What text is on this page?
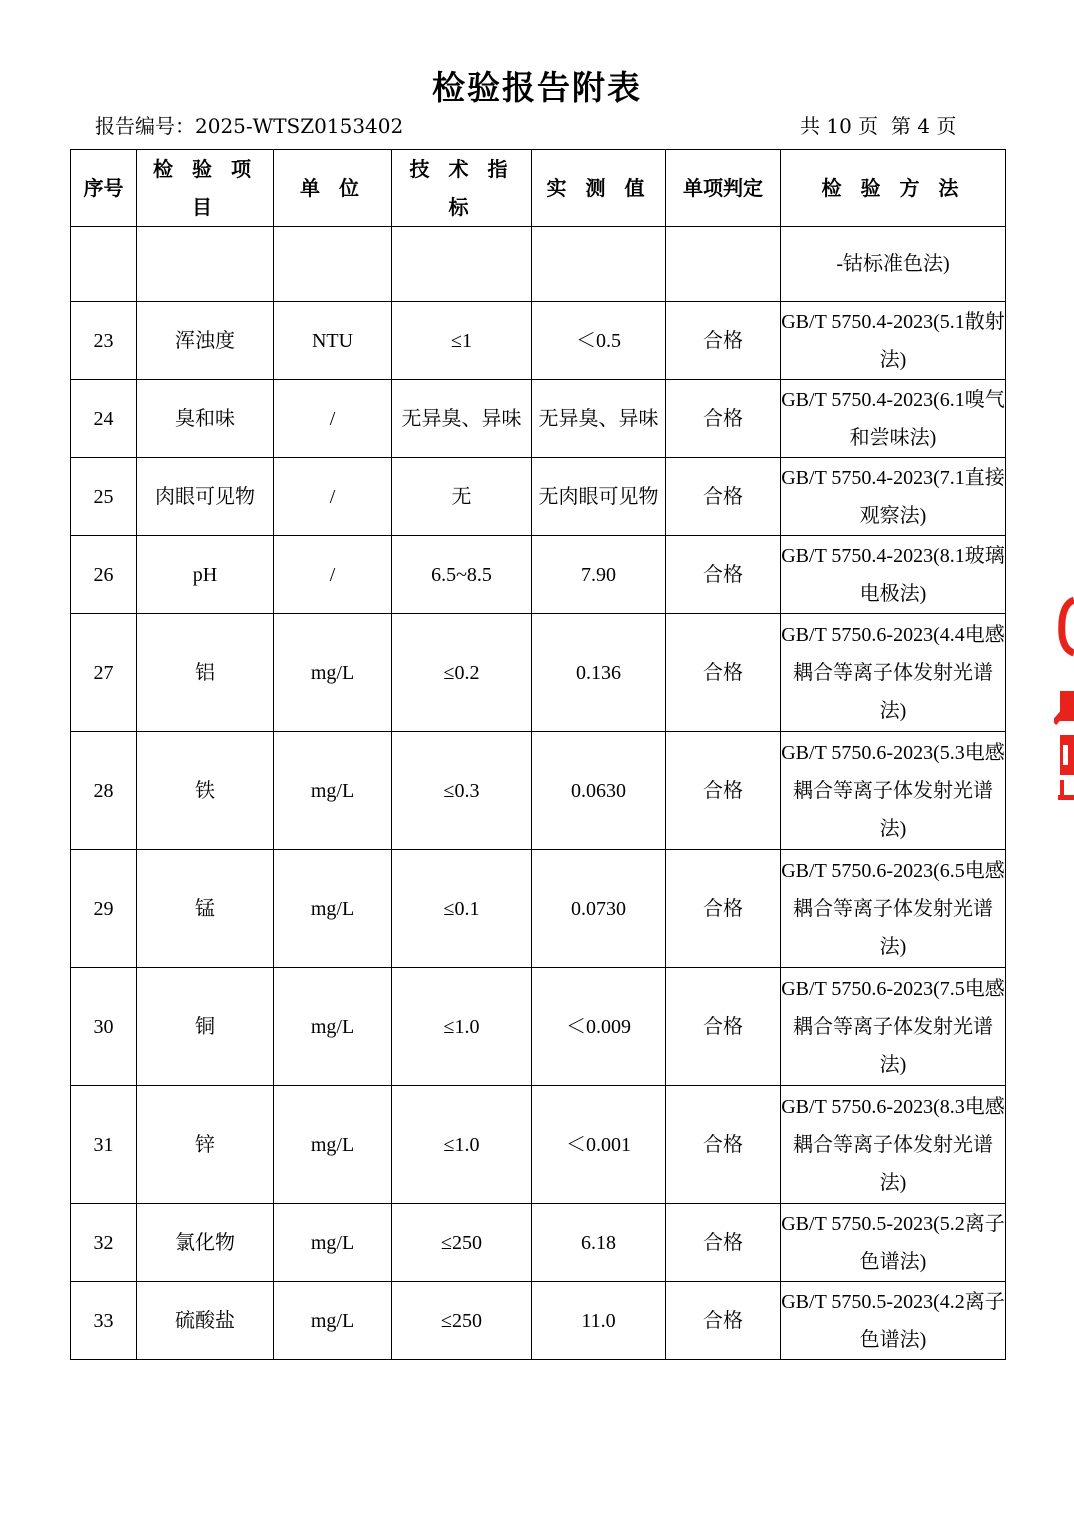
检验报告附表
报告编号：2025-WTSZ0153402	共 10 页  第 4 页
序号	检 验 项 目	单 位	技 术 指 标	实 测 值	单项判定	检 验 方 法
						-钴标准色法)
23	浑浊度	NTU	≤1	＜0.5	合格	GB/T 5750.4-2023(5.1散射法)
24	臭和味	/	无异臭、异味	无异臭、异味	合格	GB/T 5750.4-2023(6.1嗅气和尝味法)
25	肉眼可见物	/	无	无肉眼可见物	合格	GB/T 5750.4-2023(7.1直接观察法)
26	pH	/	6.5~8.5	7.90	合格	GB/T 5750.4-2023(8.1玻璃电极法)
27	铝	mg/L	≤0.2	0.136	合格	GB/T 5750.6-2023(4.4电感耦合等离子体发射光谱法)
28	铁	mg/L	≤0.3	0.0630	合格	GB/T 5750.6-2023(5.3电感耦合等离子体发射光谱法)
29	锰	mg/L	≤0.1	0.0730	合格	GB/T 5750.6-2023(6.5电感耦合等离子体发射光谱法)
30	铜	mg/L	≤1.0	＜0.009	合格	GB/T 5750.6-2023(7.5电感耦合等离子体发射光谱法)
31	锌	mg/L	≤1.0	＜0.001	合格	GB/T 5750.6-2023(8.3电感耦合等离子体发射光谱法)
32	氯化物	mg/L	≤250	6.18	合格	GB/T 5750.5-2023(5.2离子色谱法)
33	硫酸盐	mg/L	≤250	11.0	合格	GB/T 5750.5-2023(4.2离子色谱法)
